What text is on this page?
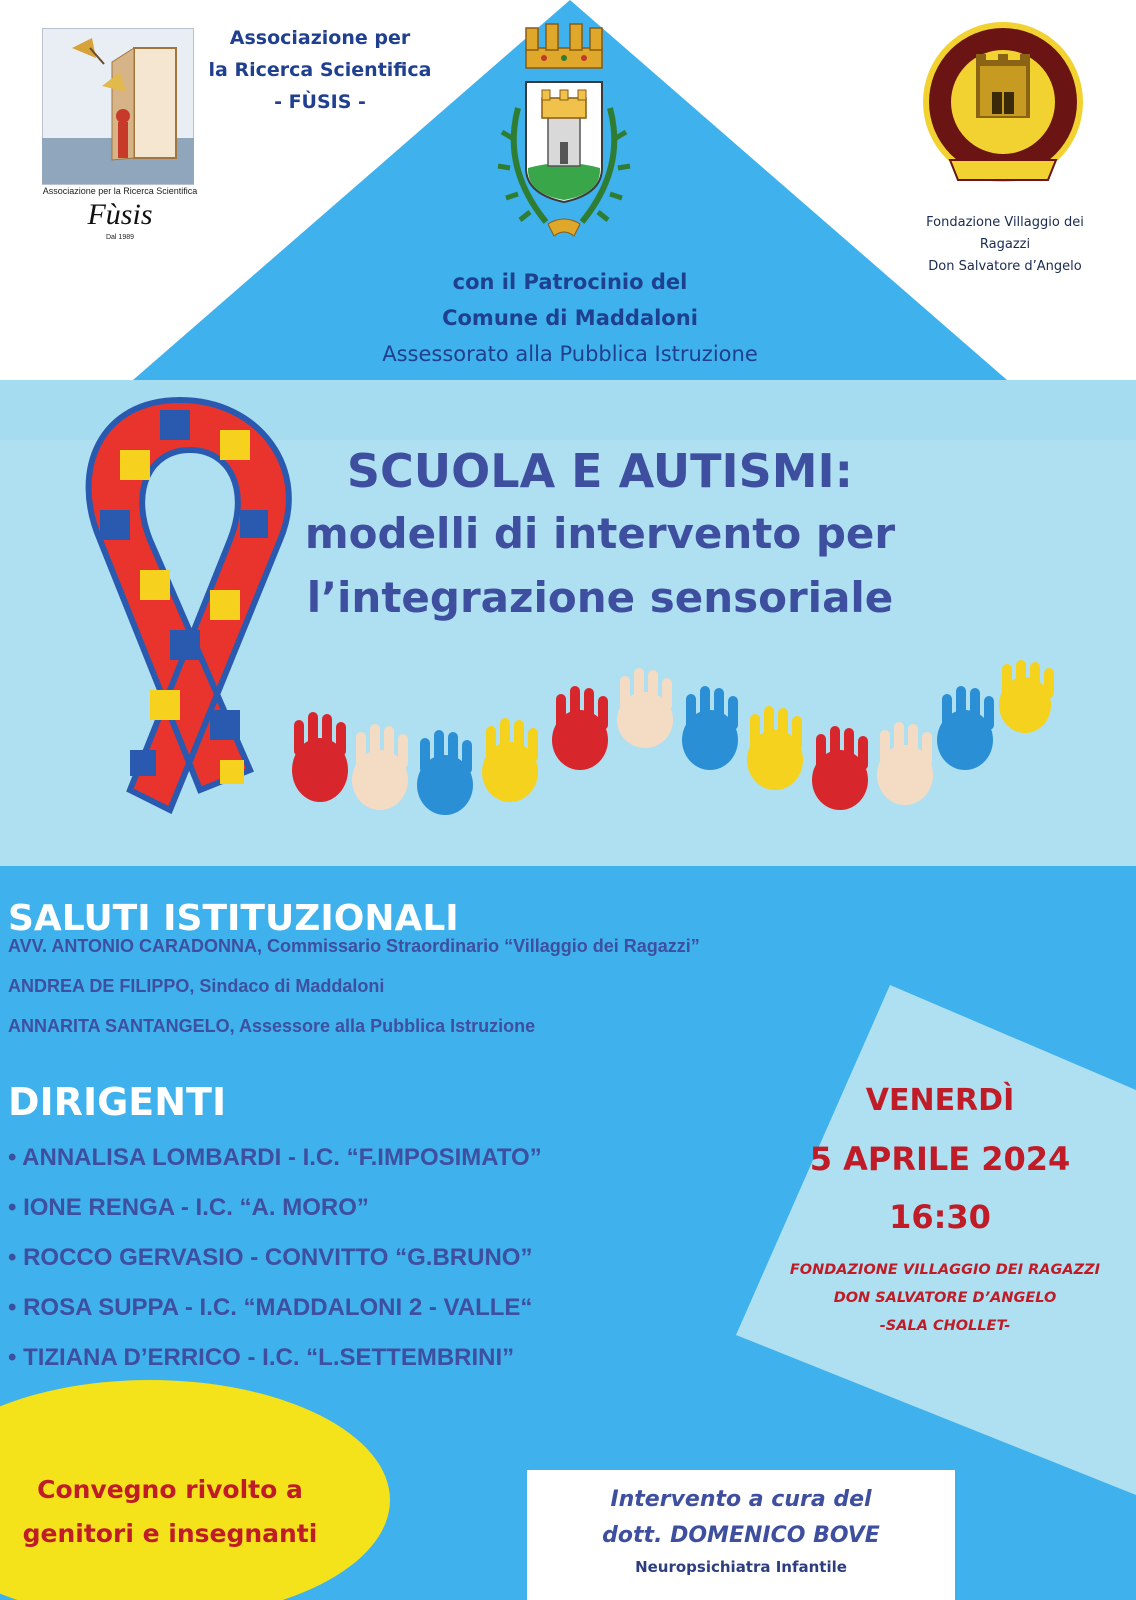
Associazione per la Ricerca Scientifica
Fùsis
Dal 1989
Associazione per
la Ricerca Scientifica
- FÙSIS -
Fondazione Villaggio dei Ragazzi
Don Salvatore d’Angelo
con il Patrocinio del
Comune di Maddaloni
Assessorato alla Pubblica Istruzione
SCUOLA E AUTISMI:
modelli di intervento per
l’integrazione sensoriale
SALUTI ISTITUZIONALI
AVV. ANTONIO CARADONNA, Commissario Straordinario “Villaggio dei Ragazzi”
ANDREA DE FILIPPO, Sindaco di Maddaloni
ANNARITA SANTANGELO, Assessore alla Pubblica Istruzione
DIRIGENTI
• ANNALISA LOMBARDI - I.C. “F.IMPOSIMATO”
• IONE RENGA - I.C. “A. MORO”
• ROCCO GERVASIO - CONVITTO “G.BRUNO”
• ROSA SUPPA - I.C. “MADDALONI 2 - VALLE“
• TIZIANA D’ERRICO - I.C. “L.SETTEMBRINI”
VENERDÌ
5 APRILE 2024
16:30
FONDAZIONE VILLAGGIO DEI RAGAZZI
DON SALVATORE D’ANGELO
-SALA CHOLLET-
Convegno rivolto a
genitori e insegnanti
Intervento a cura del
dott. DOMENICO BOVE
Neuropsichiatra Infantile
